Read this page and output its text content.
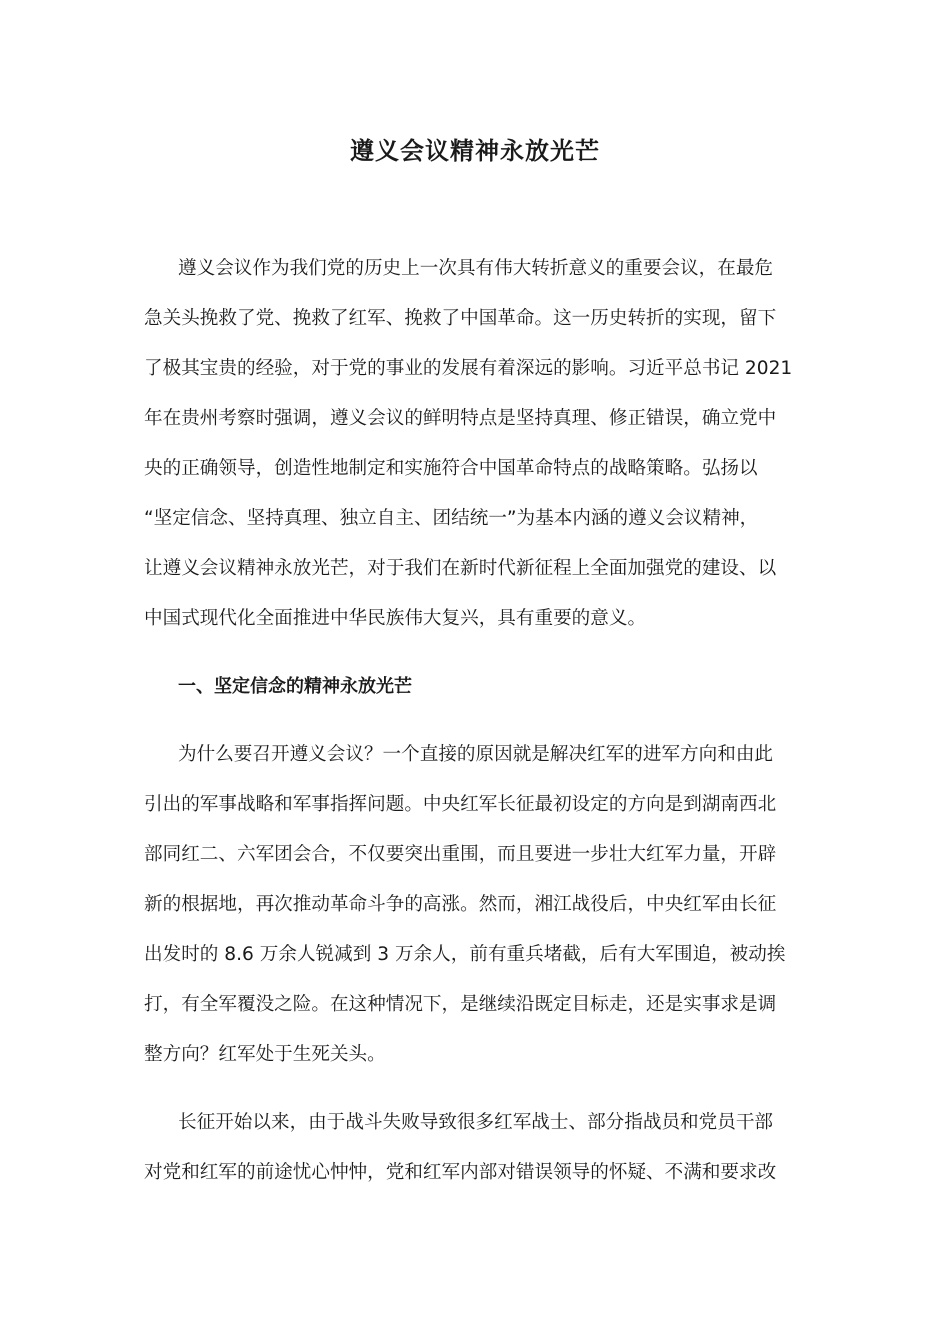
遵义会议精神永放光芒

遵义会议作为我们党的历史上一次具有伟大转折意义的重要会议，在最危

急关头挽救了党、挽救了红军、挽救了中国革命。这一历史转折的实现，留下

了极其宝贵的经验，对于党的事业的发展有着深远的影响。习近平总书记 2021

年在贵州考察时强调，遵义会议的鲜明特点是坚持真理、修正错误，确立党中

央的正确领导，创造性地制定和实施符合中国革命特点的战略策略。弘扬以

“坚定信念、坚持真理、独立自主、团结统一”为基本内涵的遵义会议精神，

让遵义会议精神永放光芒，对于我们在新时代新征程上全面加强党的建设、以

中国式现代化全面推进中华民族伟大复兴，具有重要的意义。

一、坚定信念的精神永放光芒

为什么要召开遵义会议？一个直接的原因就是解决红军的进军方向和由此

引出的军事战略和军事指挥问题。中央红军长征最初设定的方向是到湖南西北

部同红二、六军团会合，不仅要突出重围，而且要进一步壮大红军力量，开辟

新的根据地，再次推动革命斗争的高涨。然而，湘江战役后，中央红军由长征

出发时的 8.6 万余人锐减到 3 万余人，前有重兵堵截，后有大军围追，被动挨

打，有全军覆没之险。在这种情况下，是继续沿既定目标走，还是实事求是调

整方向？红军处于生死关头。

长征开始以来，由于战斗失败导致很多红军战士、部分指战员和党员干部

对党和红军的前途忧心忡忡，党和红军内部对错误领导的怀疑、不满和要求改
